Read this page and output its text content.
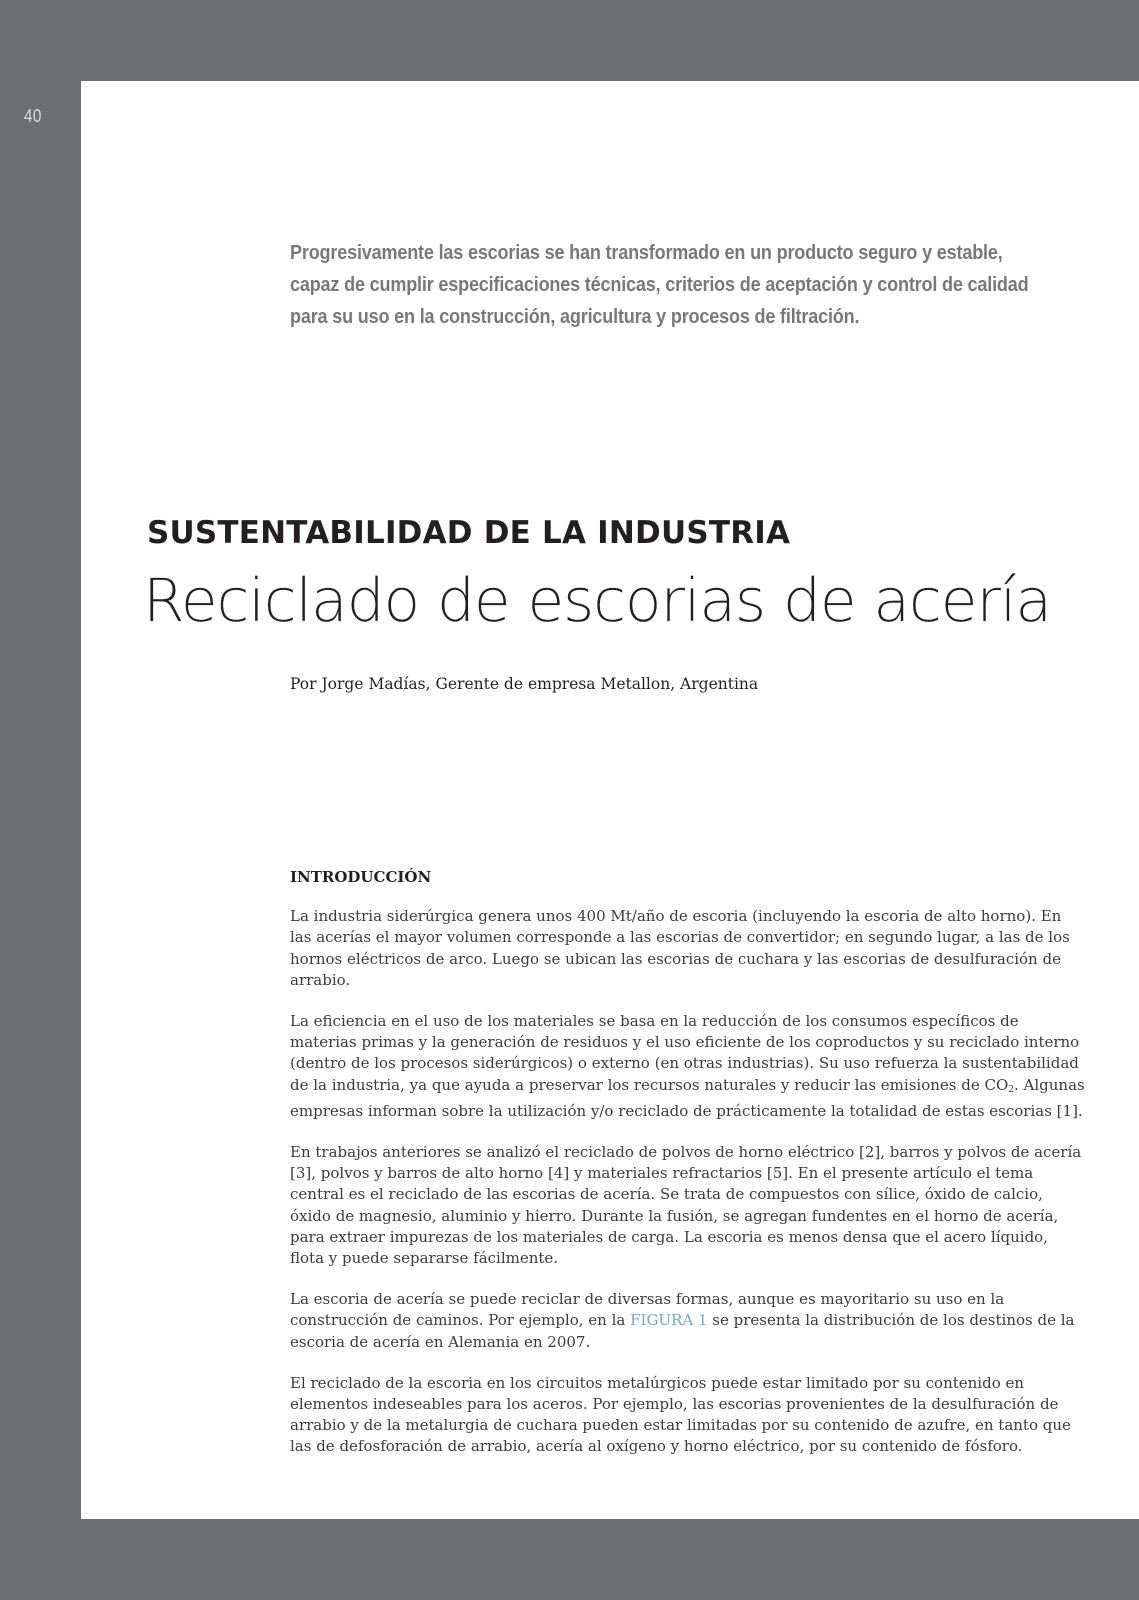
40
Progresivamente las escorias se han transformado en un producto seguro y estable, capaz de cumplir especificaciones técnicas, criterios de aceptación y control de calidad para su uso en la construcción, agricultura y procesos de filtración.
SUSTENTABILIDAD DE LA INDUSTRIA
Reciclado de escorias de acería
Por Jorge Madías, Gerente de empresa Metallon, Argentina
INTRODUCCIÓN

La industria siderúrgica genera unos 400 Mt/año de escoria (incluyendo la escoria de alto horno). En las acerías el mayor volumen corresponde a las escorias de convertidor; en segundo lugar, a las de los hornos eléctricos de arco. Luego se ubican las escorias de cuchara y las escorias de desulfuración de arrabio.

La eficiencia en el uso de los materiales se basa en la reducción de los consumos específicos de materias primas y la generación de residuos y el uso eficiente de los coproductos y su reciclado interno (dentro de los procesos siderúrgicos) o externo (en otras industrias). Su uso refuerza la sustentabilidad de la industria, ya que ayuda a preservar los recursos naturales y reducir las emisiones de $CO_2$. Algunas empresas informan sobre la utilización y/o reciclado de prácticamente la totalidad de estas escorias [1].

En trabajos anteriores se analizó el reciclado de polvos de horno eléctrico [2], barros y polvos de acería [3], polvos y barros de alto horno [4] y materiales refractarios [5]. En el presente artículo el tema central es el reciclado de las escorias de acería. Se trata de compuestos con sílice, óxido de calcio, óxido de magnesio, aluminio y hierro. Durante la fusión, se agregan fundentes en el horno de acería, para extraer impurezas de los materiales de carga. La escoria es menos densa que el acero líquido, flota y puede separarse fácilmente.

La escoria de acería se puede reciclar de diversas formas, aunque es mayoritario su uso en la construcción de caminos. Por ejemplo, en la FIGURA 1 se presenta la distribución de los destinos de la escoria de acería en Alemania en 2007.

El reciclado de la escoria en los circuitos metalúrgicos puede estar limitado por su contenido en elementos indeseables para los aceros. Por ejemplo, las escorias provenientes de la desulfuración de arrabio y de la metalurgia de cuchara pueden estar limitadas por su contenido de azufre, en tanto que las de defosforación de arrabio, acería al oxígeno y horno eléctrico, por su contenido de fósforo.
